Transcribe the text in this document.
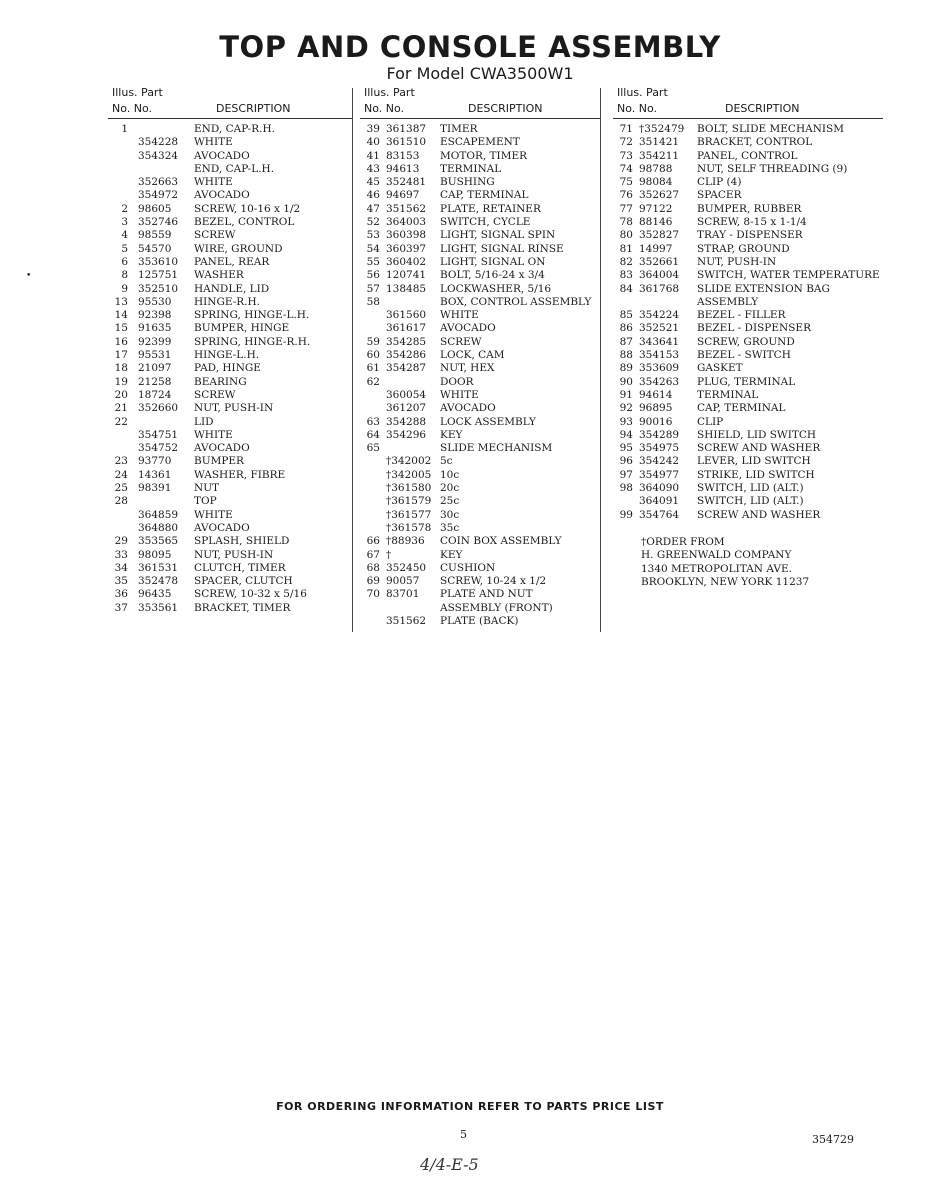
TOP AND CONSOLE ASSEMBLY
For Model CWA3500W1
Illus. Part
No. No.	DESCRIPTION
1	END, CAP-R.H.
354228 WHITE
354324 AVOCADO
END, CAP-L.H.
352663 WHITE
354972 AVOCADO
2 98605 SCREW, 10-16 x 1/2
3 352746 BEZEL, CONTROL
4 98559 SCREW
5 54570 WIRE, GROUND
6 353610 PANEL, REAR
8 125751 WASHER
9 352510 HANDLE, LID
13 95530 HINGE-R.H.
14 92398 SPRING, HINGE-L.H.
15 91635 BUMPER, HINGE
16 92399 SPRING, HINGE-R.H.
17 95531 HINGE-L.H.
18 21097 PAD, HINGE
19 21258 BEARING
20 18724 SCREW
21 352660 NUT, PUSH-IN
22	LID
354751 WHITE
354752 AVOCADO
23 93770 BUMPER
24 14361 WASHER, FIBRE
25 98391 NUT
28	TOP
364859 WHITE
364880 AVOCADO
29 353565 SPLASH, SHIELD
33 98095 NUT, PUSH-IN
34 361531 CLUTCH, TIMER
35 352478 SPACER, CLUTCH
36 96435 SCREW, 10-32 x 5/16
37 353561 BRACKET, TIMER
Illus. Part
No. No.	DESCRIPTION
39 361387 TIMER
40 361510 ESCAPEMENT
41 83153 MOTOR, TIMER
43 94613 TERMINAL
45 352481 BUSHING
46 94697 CAP, TERMINAL
47 351562 PLATE, RETAINER
52 364003 SWITCH, CYCLE
53 360398 LIGHT, SIGNAL SPIN
54 360397 LIGHT, SIGNAL RINSE
55 360402 LIGHT, SIGNAL ON
56 120741 BOLT, 5/16-24 x 3/4
57 138485 LOCKWASHER, 5/16
58	BOX, CONTROL ASSEMBLY
361560 WHITE
361617 AVOCADO
59 354285 SCREW
60 354286 LOCK, CAM
61 354287 NUT, HEX
62	DOOR
360054 WHITE
361207 AVOCADO
63 354288 LOCK ASSEMBLY
64 354296 KEY
65	SLIDE MECHANISM
†342002 5c
†342005 10c
†361580 20c
†361579 25c
†361577 30c
†361578 35c
66 †88936 COIN BOX ASSEMBLY
67 †	KEY
68 352450 CUSHION
69 90057 SCREW, 10-24 x 1/2
70 83701 PLATE AND NUT
ASSEMBLY (FRONT)
351562 PLATE (BACK)
Illus. Part
No. No.	DESCRIPTION
71 †352479 BOLT, SLIDE MECHANISM
72 351421 BRACKET, CONTROL
73 354211 PANEL, CONTROL
74 98788 NUT, SELF THREADING (9)
75 98084 CLIP (4)
76 352627 SPACER
77 97122 BUMPER, RUBBER
78 88146 SCREW, 8-15 x 1-1/4
80 352827 TRAY - DISPENSER
81 14997 STRAP, GROUND
82 352661 NUT, PUSH-IN
83 364004 SWITCH, WATER TEMPERATURE
84 361768 SLIDE EXTENSION BAG
ASSEMBLY
85 354224 BEZEL - FILLER
86 352521 BEZEL - DISPENSER
87 343641 SCREW, GROUND
88 354153 BEZEL - SWITCH
89 353609 GASKET
90 354263 PLUG, TERMINAL
91 94614 TERMINAL
92 96895 CAP, TERMINAL
93 90016 CLIP
94 354289 SHIELD, LID SWITCH
95 354975 SCREW AND WASHER
96 354242 LEVER, LID SWITCH
97 354977 STRIKE, LID SWITCH
98 364090 SWITCH, LID (ALT.)
364091 SWITCH, LID (ALT.)
99 354764 SCREW AND WASHER
†ORDER FROM
H. GREENWALD COMPANY
1340 METROPOLITAN AVE.
BROOKLYN, NEW YORK 11237
•
FOR ORDERING INFORMATION REFER TO PARTS PRICE LIST
5	354729
4/4-E-5
